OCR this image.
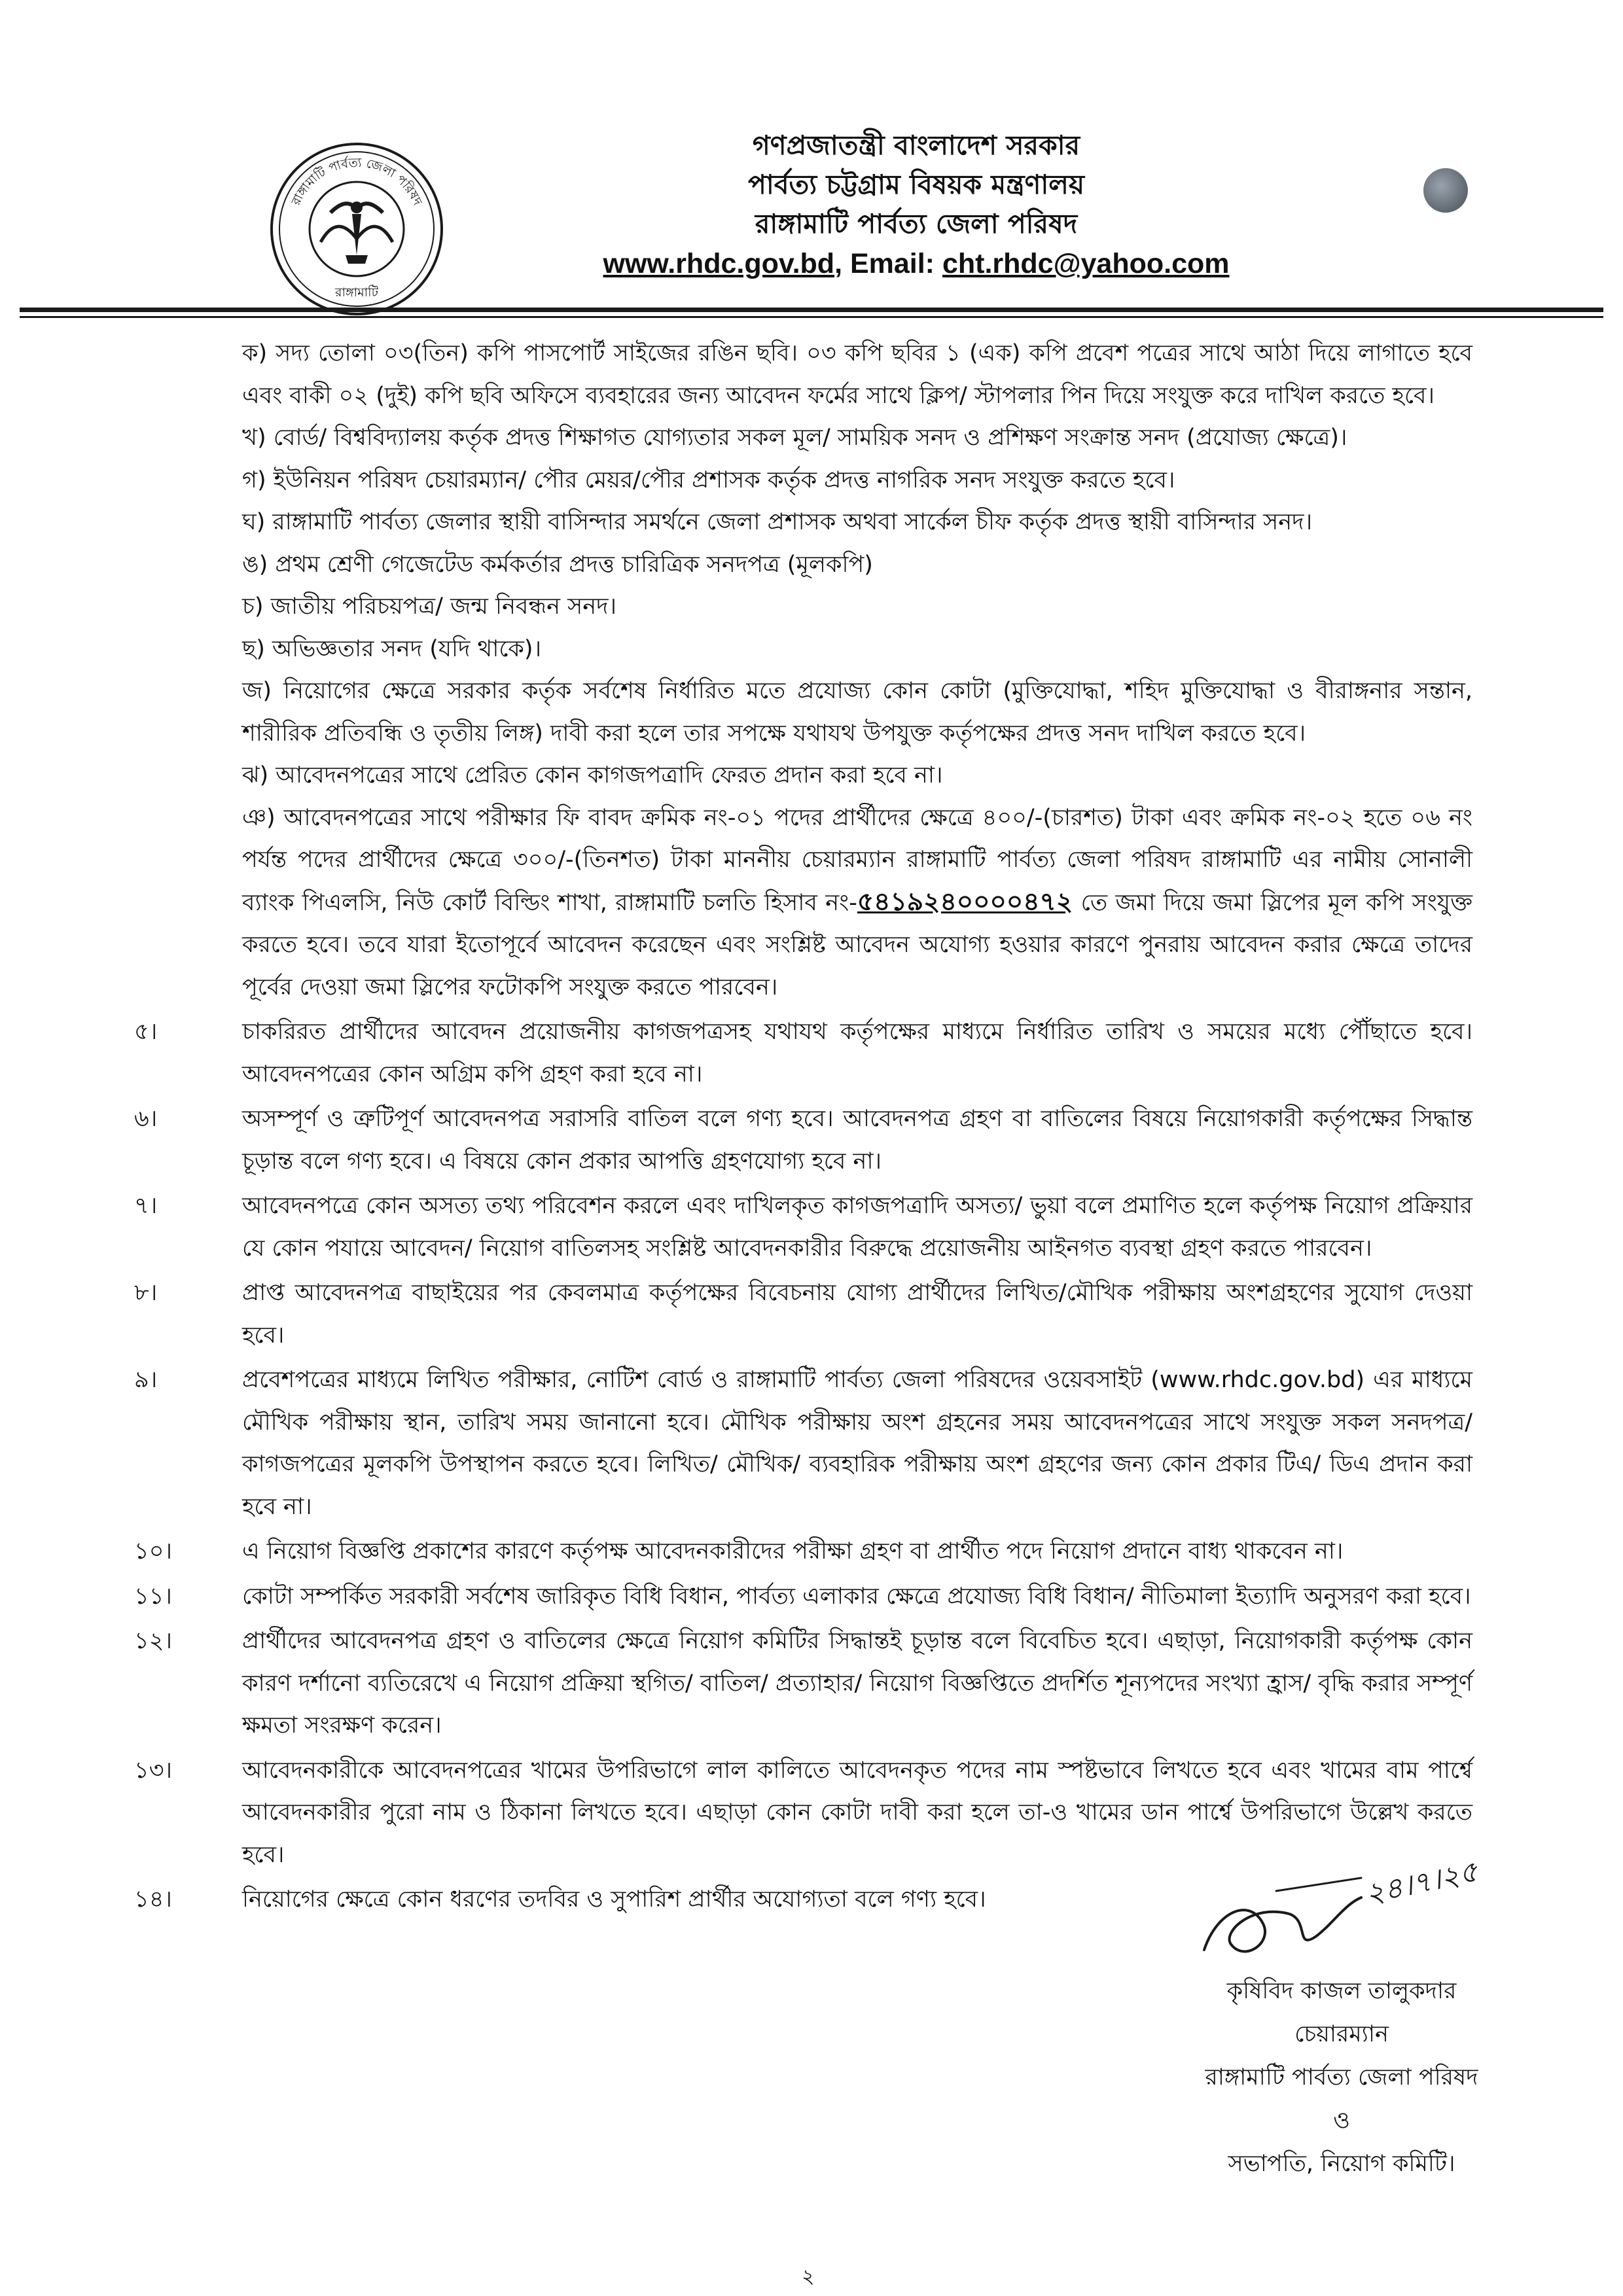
রাঙ্গামাটি পার্বত্য জেলা পরিষদ
রাঙ্গামাটি
গণপ্রজাতন্ত্রী বাংলাদেশ সরকার
পার্বত্য চট্টগ্রাম বিষয়ক মন্ত্রণালয়
রাঙ্গামাটি পার্বত্য জেলা পরিষদ
www.rhdc.gov.bd, Email: cht.rhdc@yahoo.com
ক) সদ্য তোলা ০৩(তিন) কপি পাসপোর্ট সাইজের রঙিন ছবি। ০৩ কপি ছবির ১ (এক) কপি প্রবেশ পত্রের সাথে আঠা দিয়ে লাগাতে হবে এবং বাকী ০২ (দুই) কপি ছবি অফিসে ব্যবহারের জন্য আবেদন ফর্মের সাথে ক্লিপ/ স্টাপলার পিন দিয়ে সংযুক্ত করে দাখিল করতে হবে।
খ) বোর্ড/ বিশ্ববিদ্যালয় কর্তৃক প্রদত্ত শিক্ষাগত যোগ্যতার সকল মূল/ সাময়িক সনদ ও প্রশিক্ষণ সংক্রান্ত সনদ (প্রযোজ্য ক্ষেত্রে)।
গ) ইউনিয়ন পরিষদ চেয়ারম্যান/ পৌর মেয়র/পৌর প্রশাসক কর্তৃক প্রদত্ত নাগরিক সনদ সংযুক্ত করতে হবে।
ঘ) রাঙ্গামাটি পার্বত্য জেলার স্থায়ী বাসিন্দার সমর্থনে জেলা প্রশাসক অথবা সার্কেল চীফ কর্তৃক প্রদত্ত স্থায়ী বাসিন্দার সনদ।
ঙ) প্রথম শ্রেণী গেজেটেড কর্মকর্তার প্রদত্ত চারিত্রিক সনদপত্র (মূলকপি)
চ) জাতীয় পরিচয়পত্র/ জন্ম নিবন্ধন সনদ।
ছ) অভিজ্ঞতার সনদ (যদি থাকে)।
জ) নিয়োগের ক্ষেত্রে সরকার কর্তৃক সর্বশেষ নির্ধারিত মতে প্রযোজ্য কোন কোটা (মুক্তিযোদ্ধা, শহিদ মুক্তিযোদ্ধা ও বীরাঙ্গনার সন্তান, শারীরিক প্রতিবন্ধি ও তৃতীয় লিঙ্গ) দাবী করা হলে তার সপক্ষে যথাযথ উপযুক্ত কর্তৃপক্ষের প্রদত্ত সনদ দাখিল করতে হবে।
ঝ) আবেদনপত্রের সাথে প্রেরিত কোন কাগজপত্রাদি ফেরত প্রদান করা হবে না।
ঞ) আবেদনপত্রের সাথে পরীক্ষার ফি বাবদ ক্রমিক নং-০১ পদের প্রার্থীদের ক্ষেত্রে ৪০০/-(চারশত) টাকা এবং ক্রমিক নং-০২ হতে ০৬ নং পর্যন্ত পদের প্রার্থীদের ক্ষেত্রে ৩০০/-(তিনশত) টাকা মাননীয় চেয়ারম্যান রাঙ্গামাটি পার্বত্য জেলা পরিষদ রাঙ্গামাটি এর নামীয় সোনালী ব্যাংক পিএলসি, নিউ কোর্ট বিল্ডিং শাখা, রাঙ্গামাটি চলতি হিসাব নং-৫৪১৯২৪০০০০৪৭২ তে জমা দিয়ে জমা স্লিপের মূল কপি সংযুক্ত করতে হবে। তবে যারা ইতোপূর্বে আবেদন করেছেন এবং সংশ্লিষ্ট আবেদন অযোগ্য হওয়ার কারণে পুনরায় আবেদন করার ক্ষেত্রে তাদের পূর্বের দেওয়া জমা স্লিপের ফটোকপি সংযুক্ত করতে পারবেন।
৫।	চাকরিরত প্রার্থীদের আবেদন প্রয়োজনীয় কাগজপত্রসহ যথাযথ কর্তৃপক্ষের মাধ্যমে নির্ধারিত তারিখ ও সময়ের মধ্যে পৌঁছাতে হবে। আবেদনপত্রের কোন অগ্রিম কপি গ্রহণ করা হবে না।
৬।	অসম্পূর্ণ ও ত্রুটিপূর্ণ আবেদনপত্র সরাসরি বাতিল বলে গণ্য হবে। আবেদনপত্র গ্রহণ বা বাতিলের বিষয়ে নিয়োগকারী কর্তৃপক্ষের সিদ্ধান্ত চূড়ান্ত বলে গণ্য হবে। এ বিষয়ে কোন প্রকার আপত্তি গ্রহণযোগ্য হবে না।
৭।	আবেদনপত্রে কোন অসত্য তথ্য পরিবেশন করলে এবং দাখিলকৃত কাগজপত্রাদি অসত্য/ ভুয়া বলে প্রমাণিত হলে কর্তৃপক্ষ নিয়োগ প্রক্রিয়ার যে কোন পযায়ে আবেদন/ নিয়োগ বাতিলসহ সংশ্লিষ্ট আবেদনকারীর বিরুদ্ধে প্রয়োজনীয় আইনগত ব্যবস্থা গ্রহণ করতে পারবেন।
৮।	প্রাপ্ত আবেদনপত্র বাছাইয়ের পর কেবলমাত্র কর্তৃপক্ষের বিবেচনায় যোগ্য প্রার্থীদের লিখিত/মৌখিক পরীক্ষায় অংশগ্রহণের সুযোগ দেওয়া হবে।
৯।	প্রবেশপত্রের মাধ্যমে লিখিত পরীক্ষার, নোটিশ বোর্ড ও রাঙ্গামাটি পার্বত্য জেলা পরিষদের ওয়েবসাইট (www.rhdc.gov.bd) এর মাধ্যমে মৌখিক পরীক্ষায় স্থান, তারিখ সময় জানানো হবে। মৌখিক পরীক্ষায় অংশ গ্রহনের সময় আবেদনপত্রের সাথে সংযুক্ত সকল সনদপত্র/ কাগজপত্রের মূলকপি উপস্থাপন করতে হবে। লিখিত/ মৌখিক/ ব্যবহারিক পরীক্ষায় অংশ গ্রহণের জন্য কোন প্রকার টিএ/ ডিএ প্রদান করা হবে না।
১০।	এ নিয়োগ বিজ্ঞপ্তি প্রকাশের কারণে কর্তৃপক্ষ আবেদনকারীদের পরীক্ষা গ্রহণ বা প্রার্থীত পদে নিয়োগ প্রদানে বাধ্য থাকবেন না।
১১।	কোটা সম্পর্কিত সরকারী সর্বশেষ জারিকৃত বিধি বিধান, পার্বত্য এলাকার ক্ষেত্রে প্রযোজ্য বিধি বিধান/ নীতিমালা ইত্যাদি অনুসরণ করা হবে।
১২।	প্রার্থীদের আবেদনপত্র গ্রহণ ও বাতিলের ক্ষেত্রে নিয়োগ কমিটির সিদ্ধান্তই চূড়ান্ত বলে বিবেচিত হবে। এছাড়া, নিয়োগকারী কর্তৃপক্ষ কোন কারণ দর্শানো ব্যতিরেখে এ নিয়োগ প্রক্রিয়া স্থগিত/ বাতিল/ প্রত্যাহার/ নিয়োগ বিজ্ঞপ্তিতে প্রদর্শিত শূন্যপদের সংখ্যা হ্রাস/ বৃদ্ধি করার সম্পূর্ণ ক্ষমতা সংরক্ষণ করেন।
১৩।	আবেদনকারীকে আবেদনপত্রের খামের উপরিভাগে লাল কালিতে আবেদনকৃত পদের নাম স্পষ্টভাবে লিখতে হবে এবং খামের বাম পার্শ্বে আবেদনকারীর পুরো নাম ও ঠিকানা লিখতে হবে। এছাড়া কোন কোটা দাবী করা হলে তা-ও খামের ডান পার্শ্বে উপরিভাগে উল্লেখ করতে হবে।
১৪।	নিয়োগের ক্ষেত্রে কোন ধরণের তদবির ও সুপারিশ প্রার্থীর অযোগ্যতা বলে গণ্য হবে।	২৪।৭।২৫
কৃষিবিদ কাজল তালুকদার
চেয়ারম্যান
রাঙ্গামাটি পার্বত্য জেলা পরিষদ
ও
সভাপতি, নিয়োগ কমিটি।
২
